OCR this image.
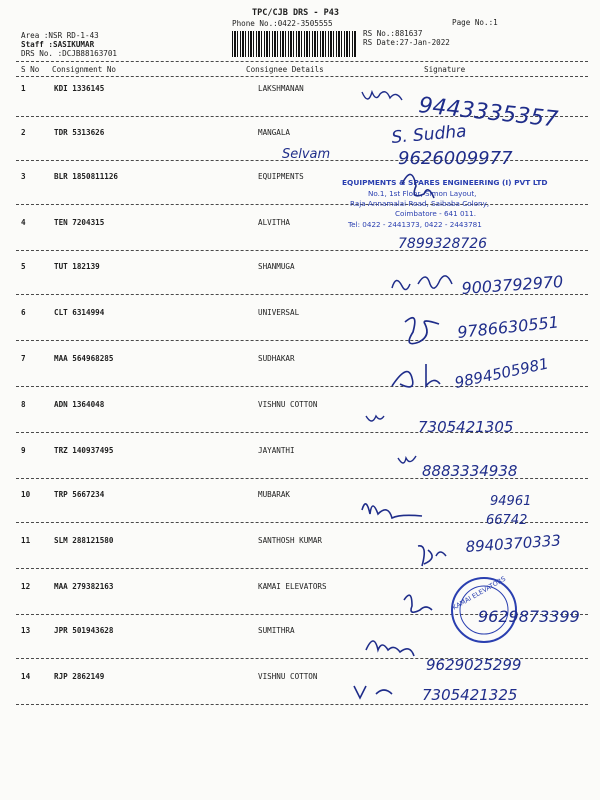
TPC/CJB DRS - P43
Phone No.:0422-3505555	Page No.:1
Area :NSR RD-1-43
Staff :SASIKUMAR
DRS No. :DCJB88163701
RS No.:881637
RS Date:27-Jan-2022
S No Consignment No	Consignee Details	Signature
1	KDI 1336145	LAKSHMANAN
2	TDR 5313626	MANGALA
3	BLR 1850811126	EQUIPMENTS
4	TEN 7204315	ALVITHA
5	TUT 182139	SHANMUGA
6	CLT 6314994	UNIVERSAL
7	MAA 564968285	SUDHAKAR
8	ADN 1364048	VISHNU COTTON
9	TRZ 140937495	JAYANTHI
10	TRP 5667234	MUBARAK
11	SLM 288121580	SANTHOSH KUMAR
12	MAA 279382163	KAMAI ELEVATORS
13	JPR 501943628	SUMITHRA
14	RJP 2862149	VISHNU COTTON
9443335357
S. Sudha
9626009977
Selvam
EQUIPMENTS & SPARES ENGINEERING (I) PVT LTD
No.1, 1st Floor, Simon Layout,
Raja Annamalai Road, Saibaba Colony,
Coimbatore - 641 011.
Tel: 0422 - 2441373, 0422 - 2443781
7899328726
9003792970
9786630551
9894505981
7305421305
8883334938
94961
66742
8940370333
KAMAI ELEVATORS
9629873399
9629025299
7305421325
